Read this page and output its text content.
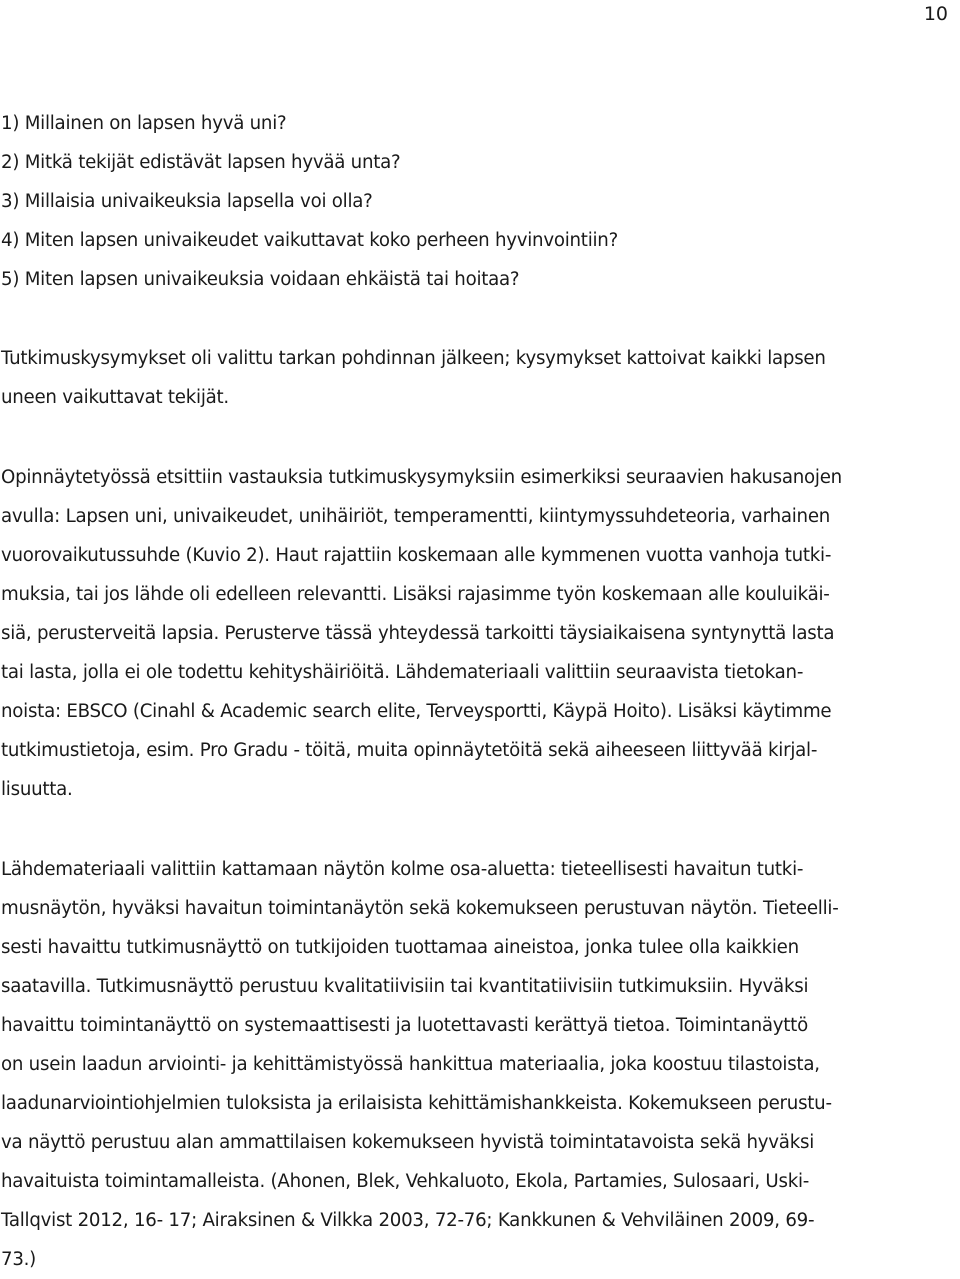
10
1) Millainen on lapsen hyvä uni?
2) Mitkä tekijät edistävät lapsen hyvää unta?
3) Millaisia univaikeuksia lapsella voi olla?
4) Miten lapsen univaikeudet vaikuttavat koko perheen hyvinvointiin?
5) Miten lapsen univaikeuksia voidaan ehkäistä tai hoitaa?
Tutkimuskysymykset oli valittu tarkan pohdinnan jälkeen; kysymykset kattoivat kaikki lapsen
uneen vaikuttavat tekijät.
Opinnäytetyössä etsittiin vastauksia tutkimuskysymyksiin esimerkiksi seuraavien hakusanojen
avulla: Lapsen uni, univaikeudet, unihäiriöt, temperamentti, kiintymyssuhdeteoria, varhainen
vuorovaikutussuhde (Kuvio 2). Haut rajattiin koskemaan alle kymmenen vuotta vanhoja tutki-
muksia, tai jos lähde oli edelleen relevantti. Lisäksi rajasimme työn koskemaan alle kouluikäi-
siä, perusterveitä lapsia. Perusterve tässä yhteydessä tarkoitti täysiaikaisena syntynyttä lasta
tai lasta, jolla ei ole todettu kehityshäiriöitä. Lähdemateriaali valittiin seuraavista tietokan-
noista: EBSCO (Cinahl & Academic search elite, Terveysportti, Käypä Hoito). Lisäksi käytimme
tutkimustietoja, esim. Pro Gradu - töitä, muita opinnäytetöitä sekä aiheeseen liittyvää kirjal-
lisuutta.
Lähdemateriaali valittiin kattamaan näytön kolme osa-aluetta: tieteellisesti havaitun tutki-
musnäytön, hyväksi havaitun toimintanäytön sekä kokemukseen perustuvan näytön. Tieteelli-
sesti havaittu tutkimusnäyttö on tutkijoiden tuottamaa aineistoa, jonka tulee olla kaikkien
saatavilla. Tutkimusnäyttö perustuu kvalitatiivisiin tai kvantitatiivisiin tutkimuksiin. Hyväksi
havaittu toimintanäyttö on systemaattisesti ja luotettavasti kerättyä tietoa. Toimintanäyttö
on usein laadun arviointi- ja kehittämistyössä hankittua materiaalia, joka koostuu tilastoista,
laadunarviointiohjelmien tuloksista ja erilaisista kehittämishankkeista. Kokemukseen perustu-
va näyttö perustuu alan ammattilaisen kokemukseen hyvistä toimintatavoista sekä hyväksi
havaituista toimintamalleista. (Ahonen, Blek, Vehkaluoto, Ekola, Partamies, Sulosaari, Uski-
Tallqvist 2012, 16- 17; Airaksinen & Vilkka 2003, 72-76; Kankkunen & Vehviläinen 2009, 69-
73.)
